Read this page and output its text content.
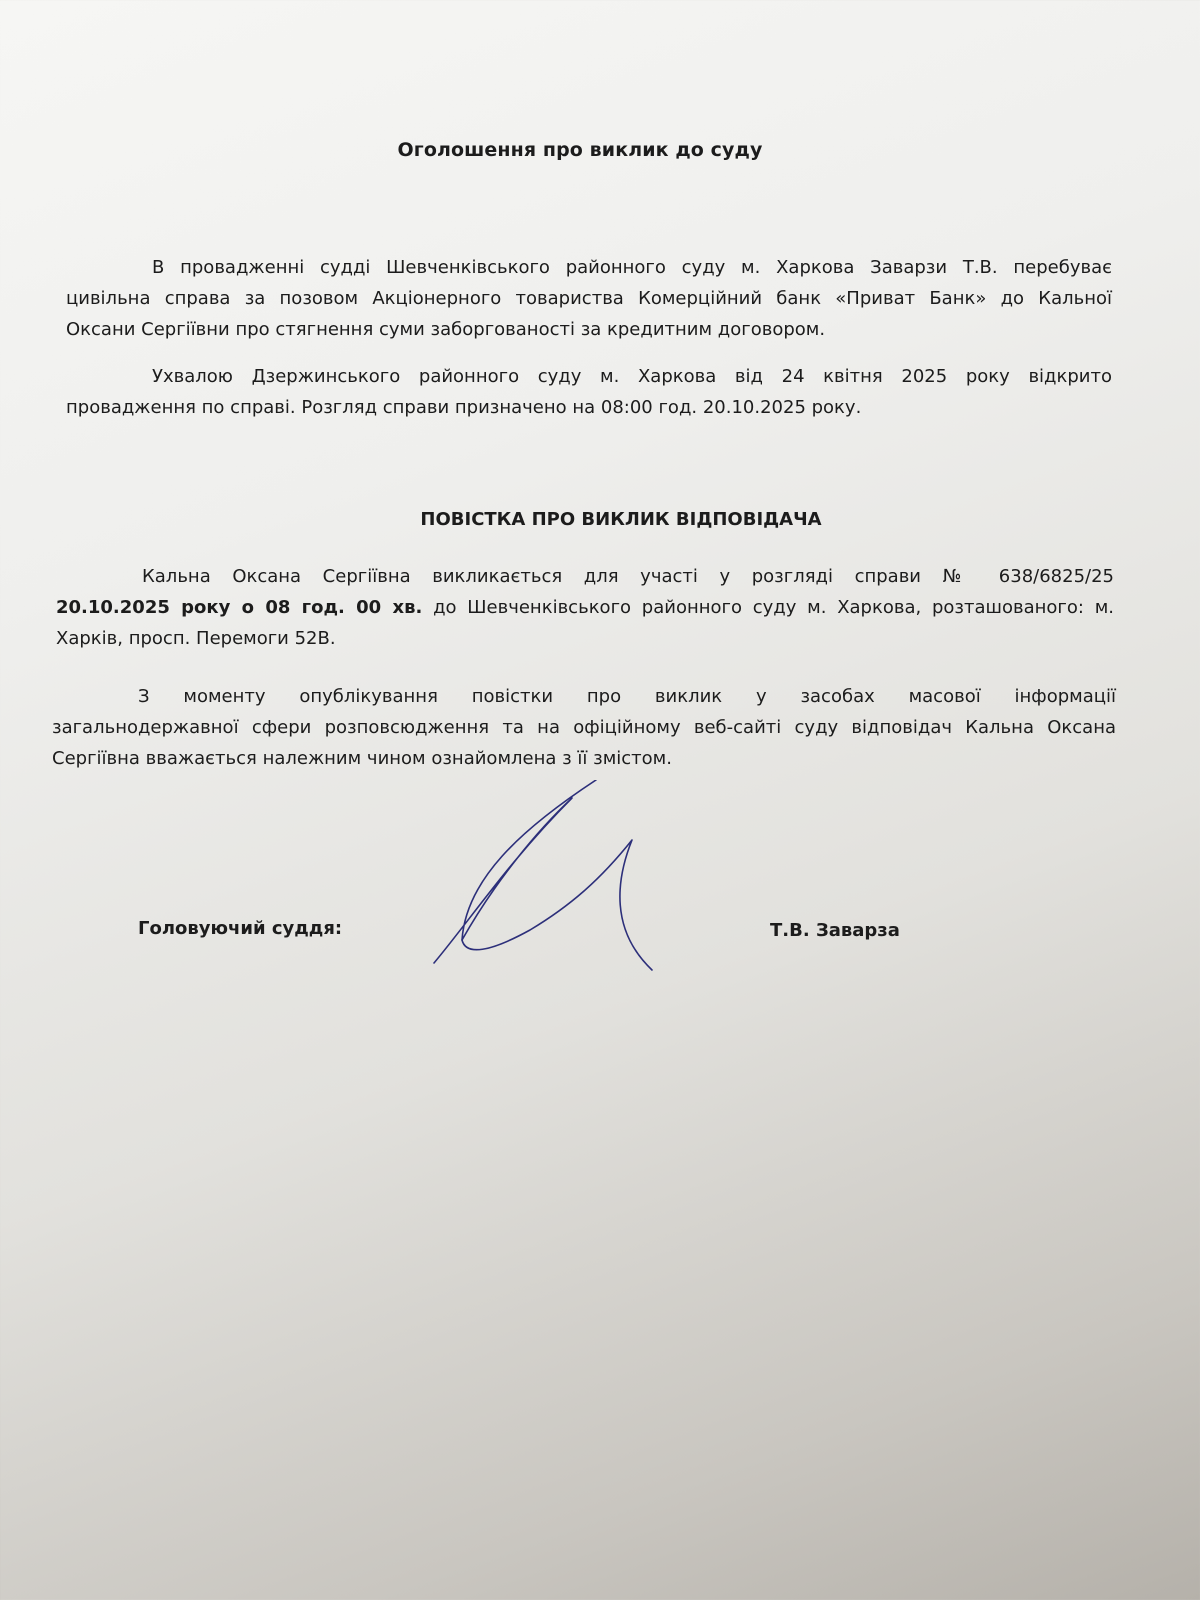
Оголошення про виклик до суду
В провадженні судді Шевченківського районного суду м. Харкова Заварзи Т.В. перебуває
цивільна справа за позовом Акціонерного товариства Комерційний банк «Приват Банк» до Кальної
Оксани Сергіївни про стягнення суми заборгованості за кредитним договором.
Ухвалою Дзержинського районного суду м. Харкова від 24 квітня 2025 року відкрито
провадження по справі. Розгляд справи призначено на 08:00 год. 20.10.2025 року.
ПОВІСТКА ПРО ВИКЛИК ВІДПОВІДАЧА
Кальна Оксана Сергіївна викликається для участі у розгляді справи № 638/6825/25
20.10.2025 року о 08 год. 00 хв. до Шевченківського районного суду м. Харкова, розташованого: м.
Харків, просп. Перемоги 52В.
З моменту опублікування повістки про виклик у засобах масової інформації
загальнодержавної сфери розповсюдження та на офіційному веб-сайті суду відповідач Кальна Оксана
Сергіївна вважається належним чином ознайомлена з її змістом.
Головуючий суддя:	Т.В. Заварза
